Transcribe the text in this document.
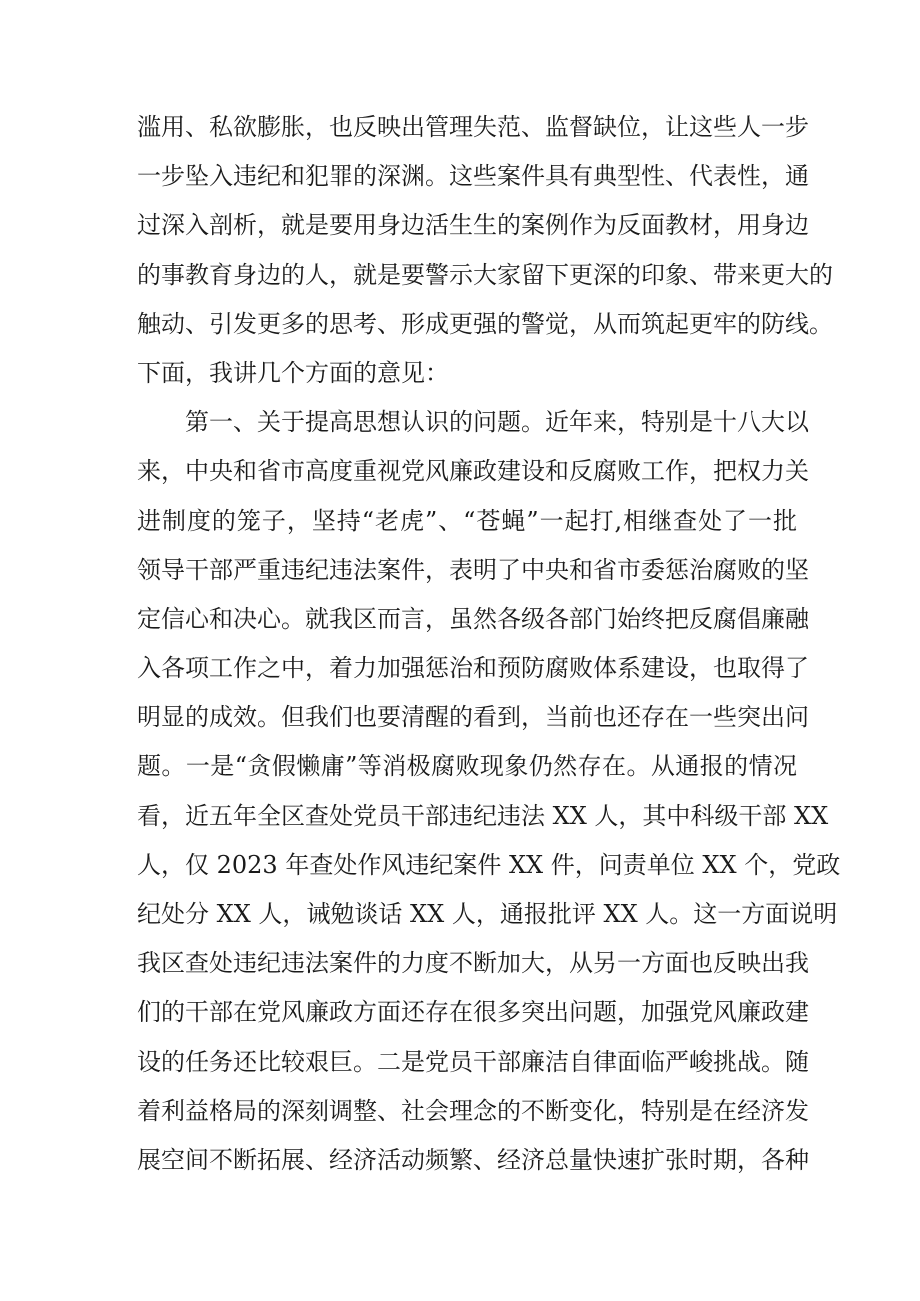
滥用、私欲膨胀，也反映出管理失范、监督缺位，让这些人一步
一步坠入违纪和犯罪的深渊。这些案件具有典型性、代表性，通
过深入剖析，就是要用身边活生生的案例作为反面教材，用身边
的事教育身边的人，就是要警示大家留下更深的印象、带来更大的
触动、引发更多的思考、形成更强的警觉，从而筑起更牢的防线。
下面，我讲几个方面的意见：
　　第一、关于提高思想认识的问题。近年来，特别是十八大以
来，中央和省市高度重视党风廉政建设和反腐败工作，把权力关
进制度的笼子，坚持“老虎”、“苍蝇”一起打,相继查处了一批
领导干部严重违纪违法案件，表明了中央和省市委惩治腐败的坚
定信心和决心。就我区而言，虽然各级各部门始终把反腐倡廉融
入各项工作之中，着力加强惩治和预防腐败体系建设，也取得了
明显的成效。但我们也要清醒的看到，当前也还存在一些突出问
题。一是“贪假懒庸”等消极腐败现象仍然存在。从通报的情况
看，近五年全区查处党员干部违纪违法 XX 人，其中科级干部 XX
人，仅 2023 年查处作风违纪案件 XX 件，问责单位 XX 个，党政
纪处分 XX 人，诫勉谈话 XX 人，通报批评 XX 人。这一方面说明
我区查处违纪违法案件的力度不断加大，从另一方面也反映出我
们的干部在党风廉政方面还存在很多突出问题，加强党风廉政建
设的任务还比较艰巨。二是党员干部廉洁自律面临严峻挑战。随
着利益格局的深刻调整、社会理念的不断变化，特别是在经济发
展空间不断拓展、经济活动频繁、经济总量快速扩张时期，各种
